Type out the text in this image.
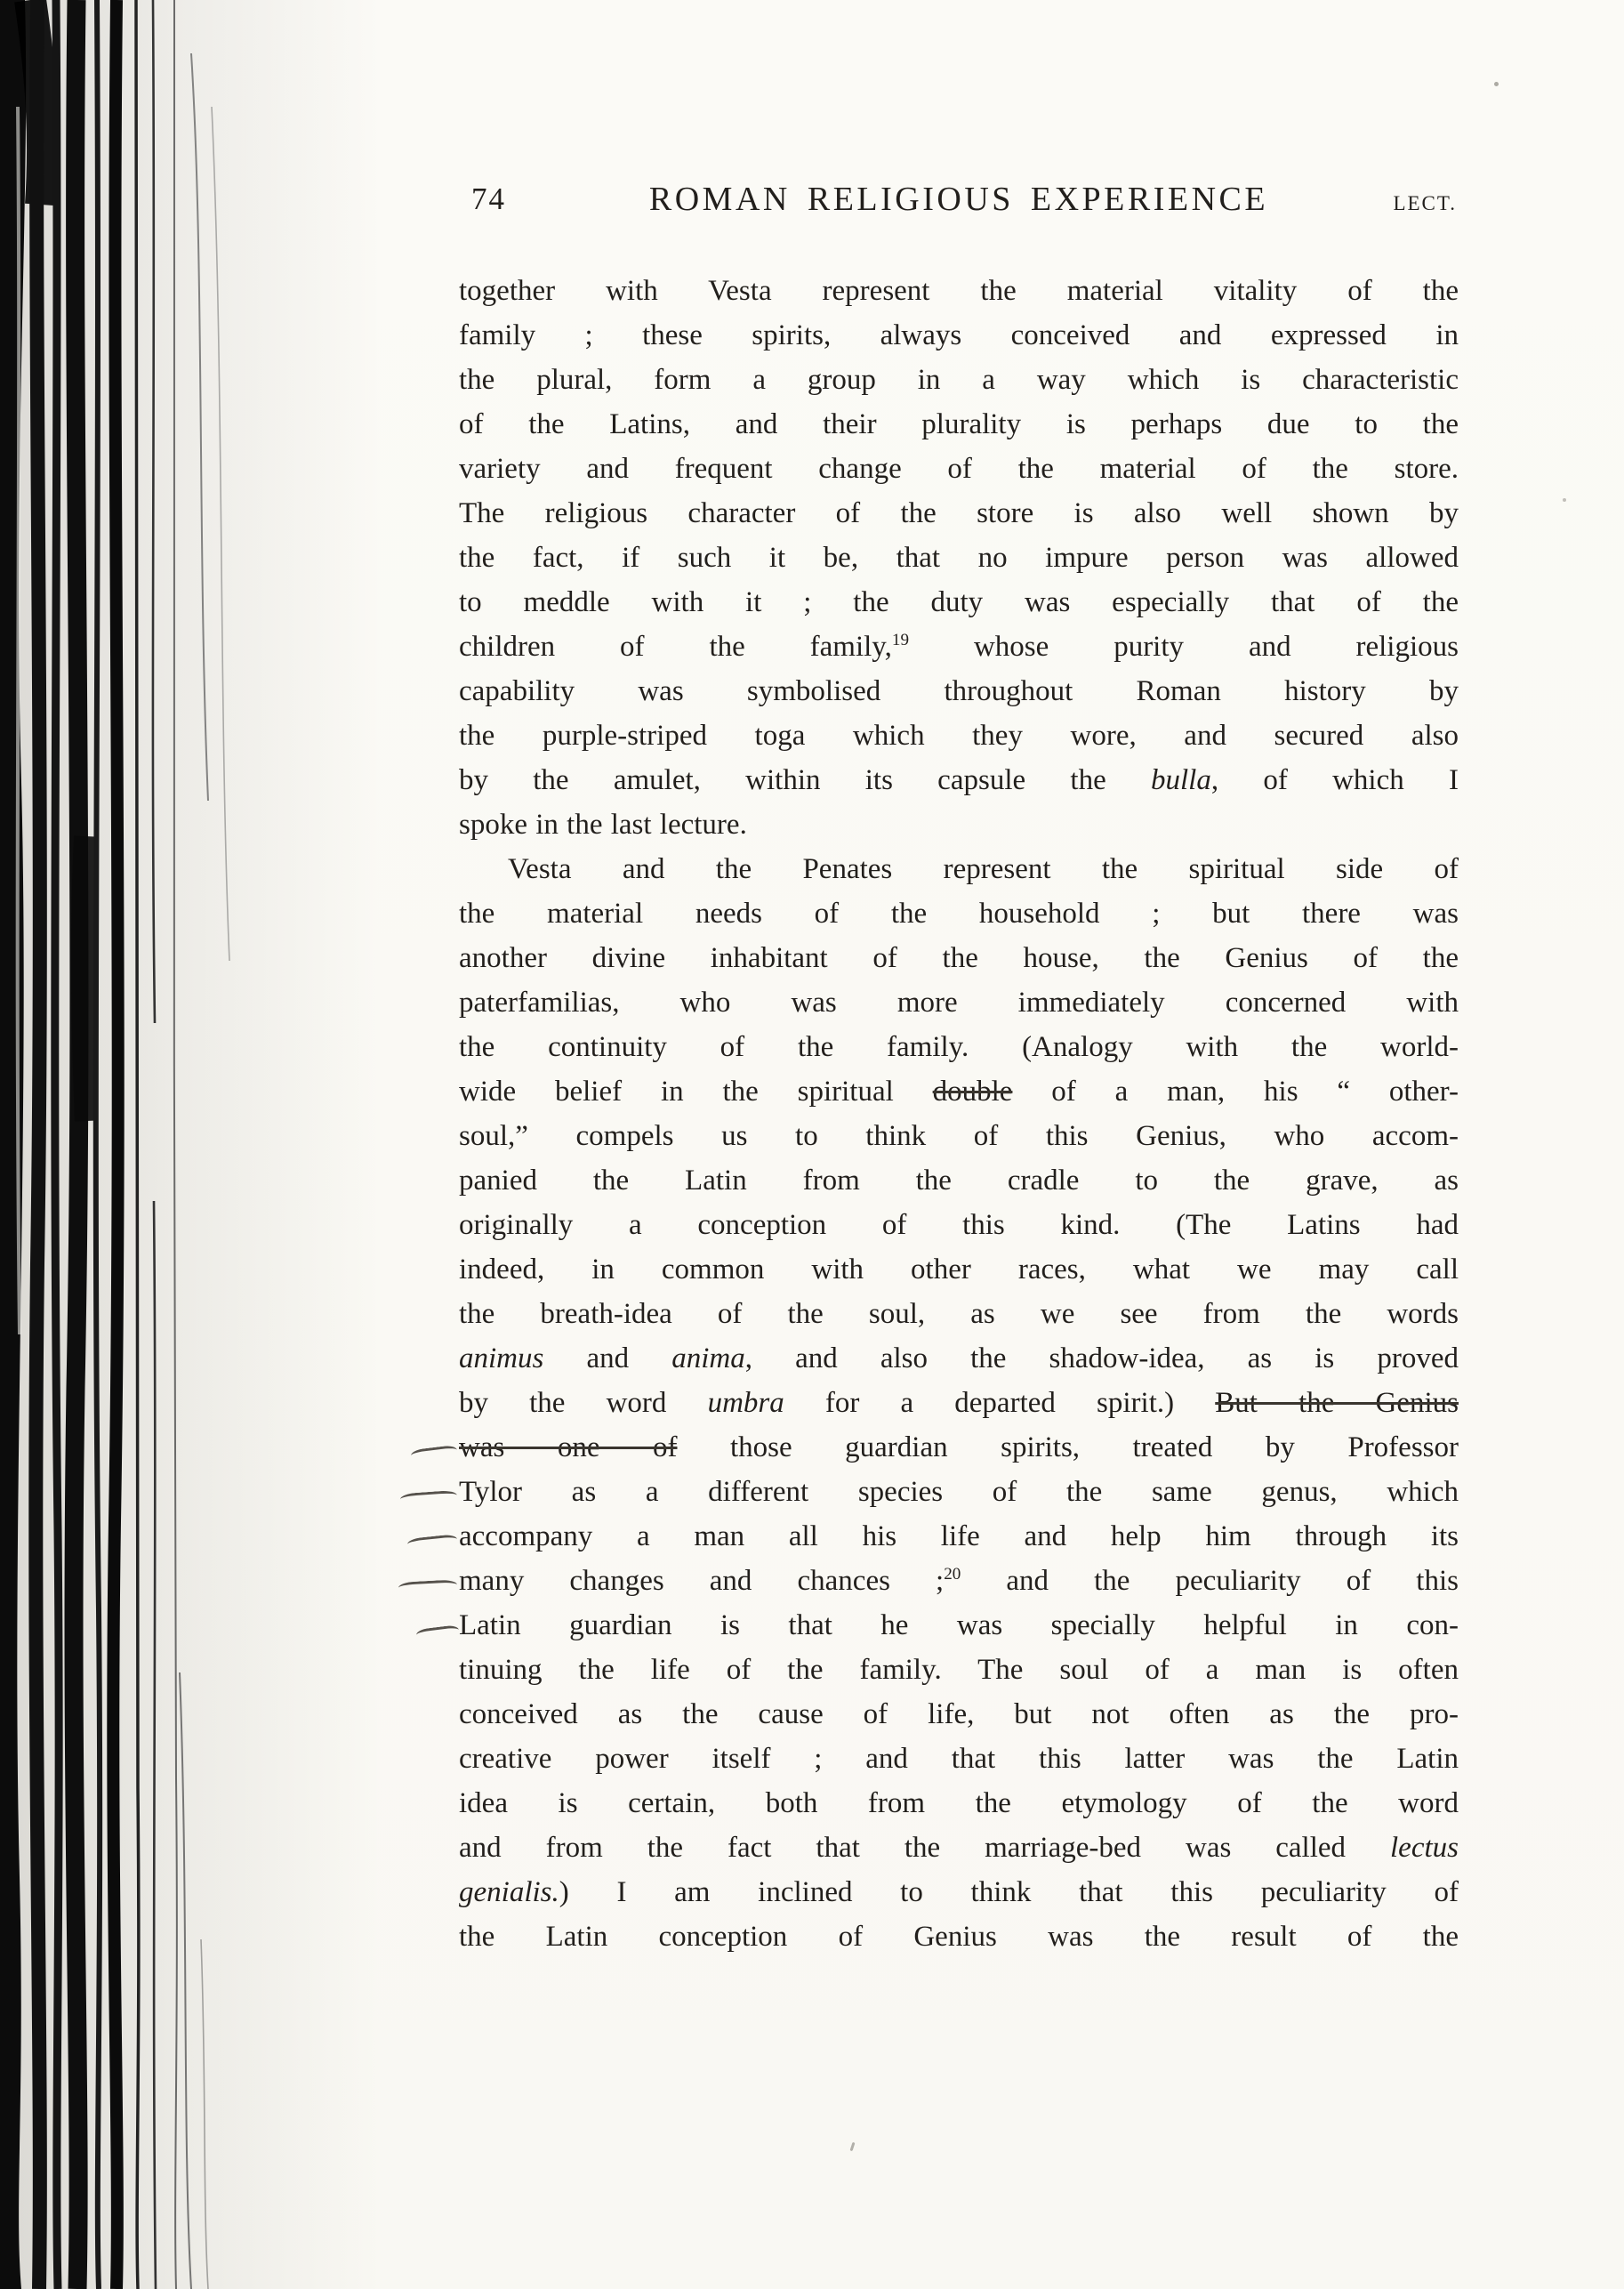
74	ROMAN RELIGIOUS EXPERIENCE	LECT.
together with Vesta represent the material vitality of the
family ; these spirits, always conceived and expressed in
the plural, form a group in a way which is characteristic
of the Latins, and their plurality is perhaps due to the
variety and frequent change of the material of the store.
The religious character of the store is also well shown by
the fact, if such it be, that no impure person was allowed
to meddle with it ; the duty was especially that of the
children of the family,$^{19}$ whose purity and religious
capability was symbolised throughout Roman history by
the purple-striped toga which they wore, and secured also
by the amulet, within its capsule the bulla, of which I
spoke in the last lecture.
Vesta and the Penates represent the spiritual side of
the material needs of the household ; but there was
another divine inhabitant of the house, the Genius of the
paterfamilias, who was more immediately concerned with
the continuity of the family. (Analogy with the world-
wide belief in the spiritual double of a man, his “ other-
soul,” compels us to think of this Genius, who accom-
panied the Latin from the cradle to the grave, as
originally a conception of this kind. (The Latins had
indeed, in common with other races, what we may call
the breath-idea of the soul, as we see from the words
animus and anima, and also the shadow-idea, as is proved
by the word umbra for a departed spirit.) But the Genius
was one of those guardian spirits, treated by Professor
Tylor as a different species of the same genus, which
accompany a man all his life and help him through its
many changes and chances ;$^{20}$ and the peculiarity of this
Latin guardian is that he was specially helpful in con-
tinuing the life of the family. The soul of a man is often
conceived as the cause of life, but not often as the pro-
creative power itself ; and that this latter was the Latin
idea is certain, both from the etymology of the word
and from the fact that the marriage-bed was called lectus
genialis.) I am inclined to think that this peculiarity of
the Latin conception of Genius was the result of the
